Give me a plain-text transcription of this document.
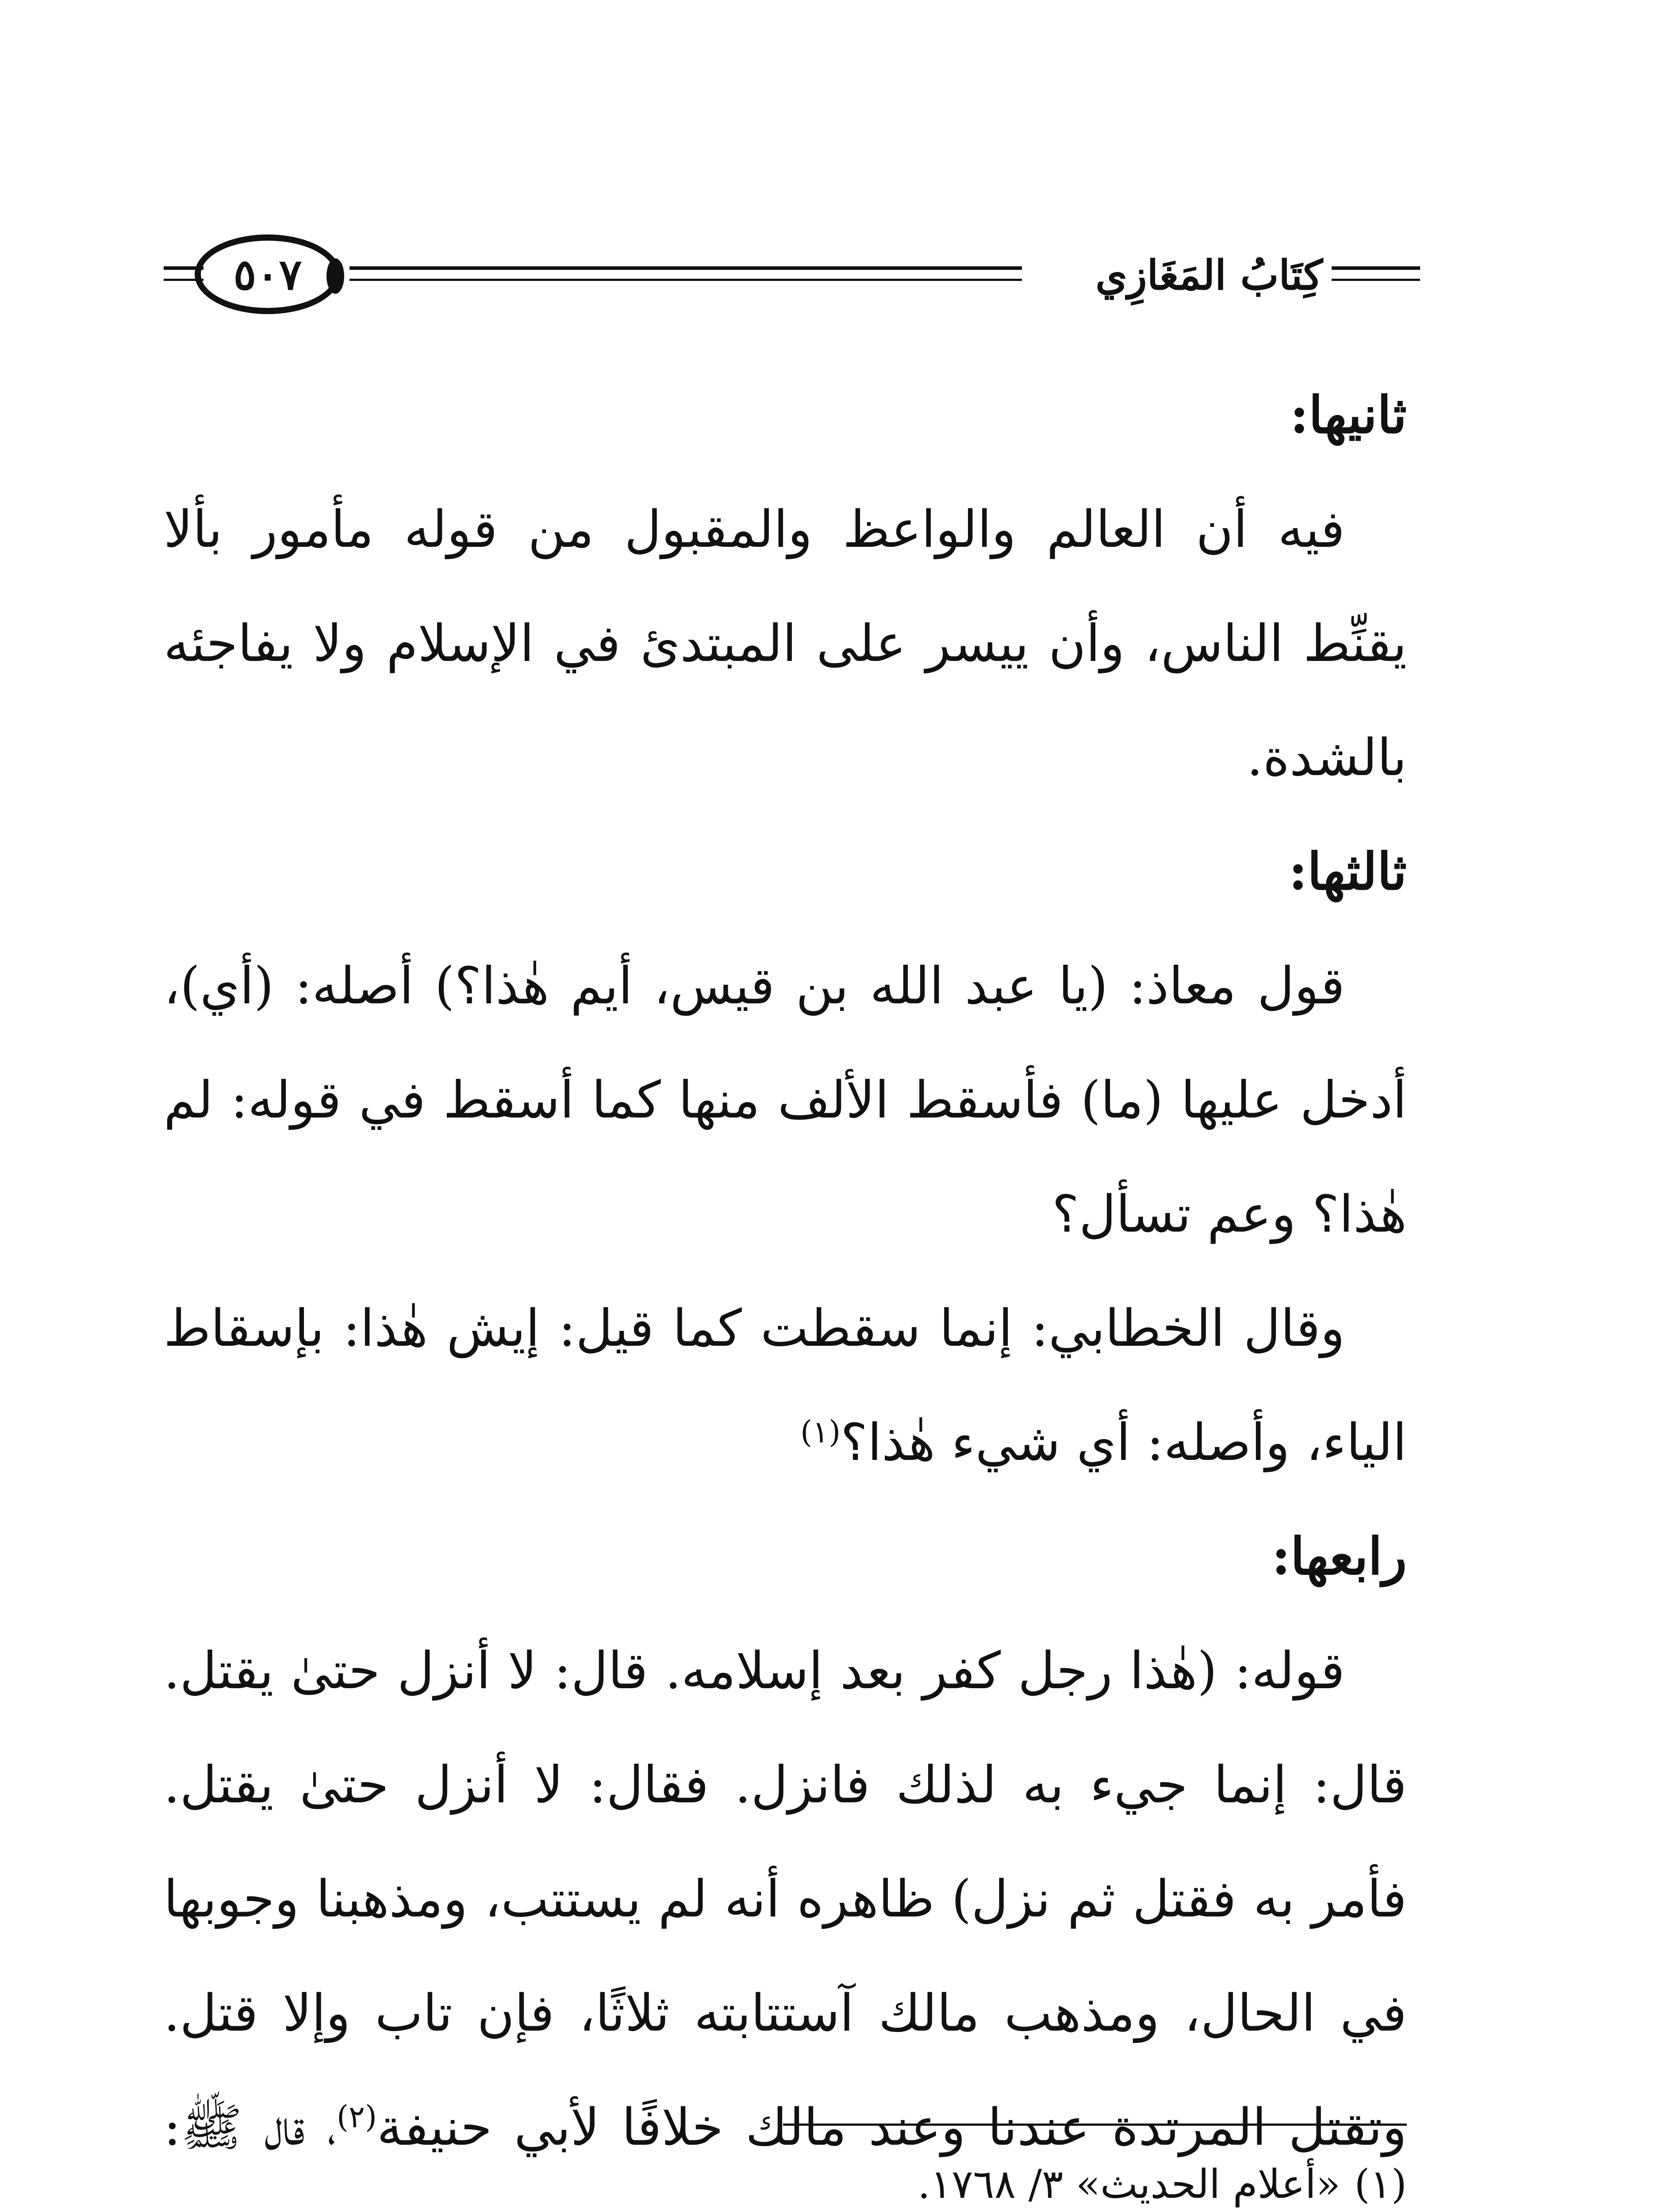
كِتَابُ المَغَازِي
٥٠٧

ثانيها:

فيه أن العالم والواعظ والمقبول من قوله مأمور بألا يقنِّط الناس، وأن ييسر على المبتدئ في الإسلام ولا يفاجئه بالشدة.

ثالثها:

قول معاذ: (يا عبد الله بن قيس، أيم هٰذا؟) أصله: (أي)، أدخل عليها (ما) فأسقط الألف منها كما أسقط في قوله: لم هٰذا؟ وعم تسأل؟

وقال الخطابي: إنما سقطت كما قيل: إيش هٰذا: بإسقاط الياء، وأصله: أي شيء هٰذا؟$^{(١)}$

رابعها:

قوله: (هٰذا رجل كفر بعد إسلامه. قال: لا أنزل حتىٰ يقتل. قال: إنما جيء به لذلك فانزل. فقال: لا أنزل حتىٰ يقتل. فأمر به فقتل ثم نزل) ظاهره أنه لم يستتب، ومذهبنا وجوبها في الحال، ومذهب مالك آستتابته ثلاثًا، فإن تاب وإلا قتل. وتقتل المرتدة عندنا وعند مالك خلافًا لأبي حنيفة$^{(٢)}$، قال ﷺ:

(١)
«أعلام الحديث» ٣/ ١٧٦٨.
